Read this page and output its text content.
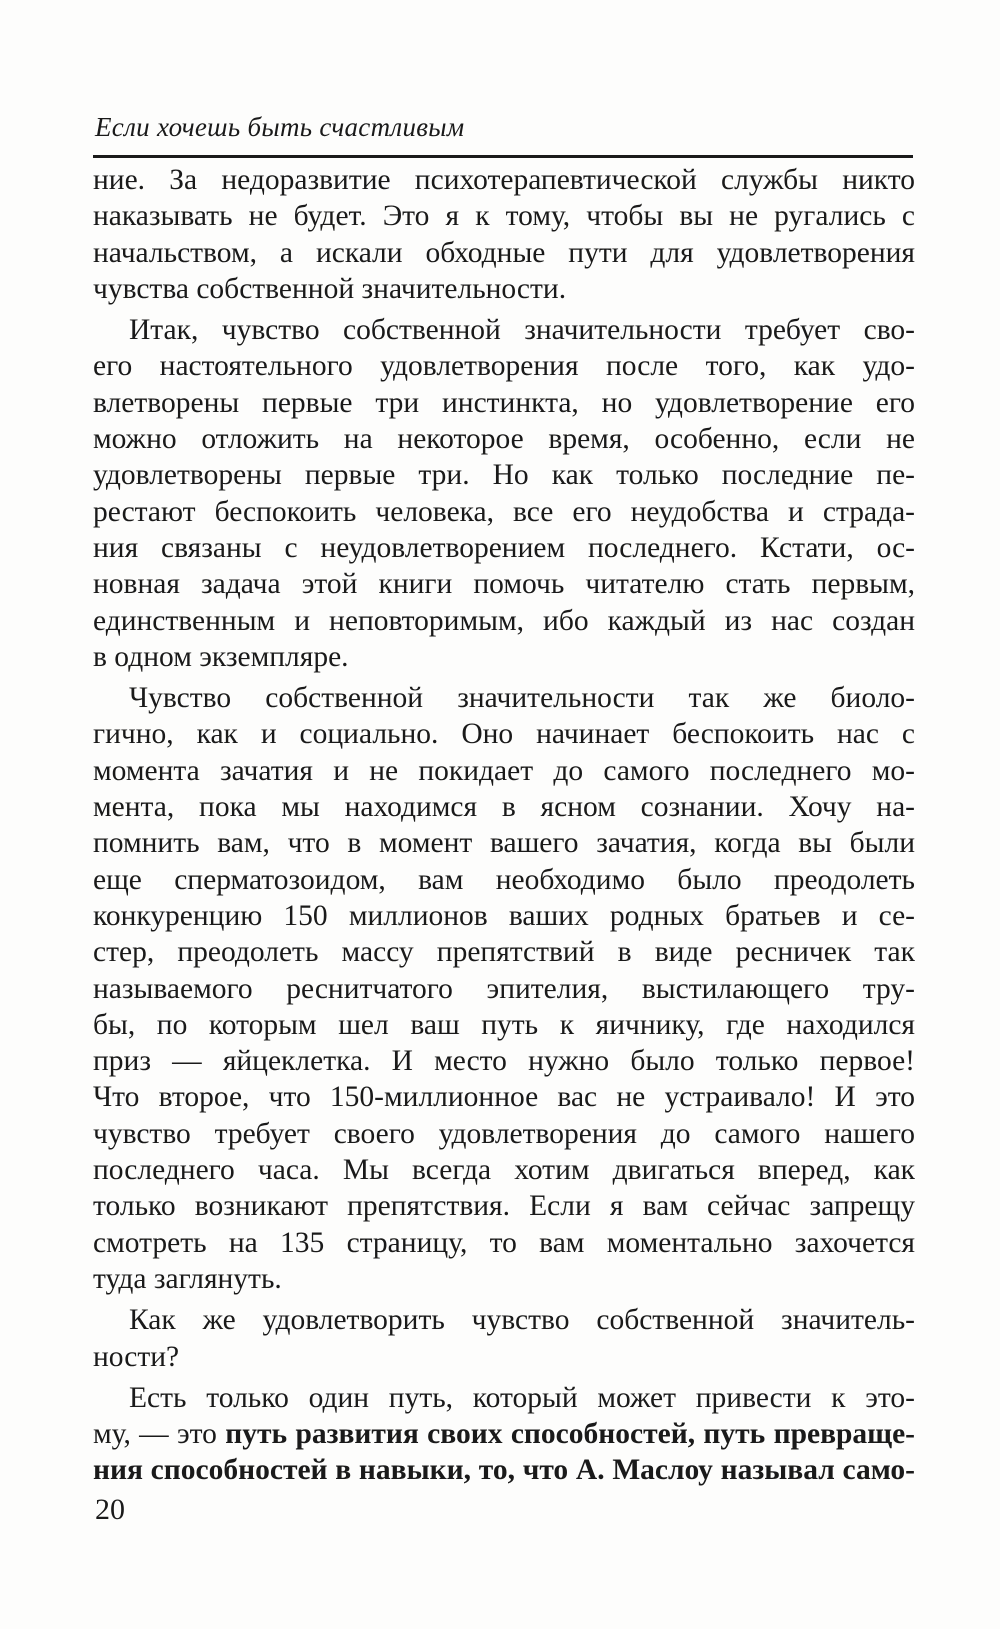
Если хочешь быть счастливым

ние. За недоразвитие психотерапевтической службы никто
наказывать не будет. Это я к тому, чтобы вы не ругались с
начальством, а искали обходные пути для удовлетворения
чувства собственной значительности.

Итак, чувство собственной значительности требует сво-
его настоятельного удовлетворения после того, как удо-
влетворены первые три инстинкта, но удовлетворение его
можно отложить на некоторое время, особенно, если не
удовлетворены первые три. Но как только последние пе-
рестают беспокоить человека, все его неудобства и страда-
ния связаны с неудовлетворением последнего. Кстати, ос-
новная задача этой книги помочь читателю стать первым,
единственным и неповторимым, ибо каждый из нас создан
в одном экземпляре.

Чувство собственной значительности так же биоло-
гично, как и социально. Оно начинает беспокоить нас с
момента зачатия и не покидает до самого последнего мо-
мента, пока мы находимся в ясном сознании. Хочу на-
помнить вам, что в момент вашего зачатия, когда вы были
еще сперматозоидом, вам необходимо было преодолеть
конкуренцию 150 миллионов ваших родных братьев и се-
стер, преодолеть массу препятствий в виде ресничек так
называемого реснитчатого эпителия, выстилающего тру-
бы, по которым шел ваш путь к яичнику, где находился
приз — яйцеклетка. И место нужно было только первое!
Что второе, что 150-миллионное вас не устраивало! И это
чувство требует своего удовлетворения до самого нашего
последнего часа. Мы всегда хотим двигаться вперед, как
только возникают препятствия. Если я вам сейчас запрещу
смотреть на 135 страницу, то вам моментально захочется
туда заглянуть.

Как же удовлетворить чувство собственной значитель-
ности?

Есть только один путь, который может привести к это-
му, — это путь развития своих способностей, путь превраще-
ния способностей в навыки, то, что А. Маслоу называл само-

20
